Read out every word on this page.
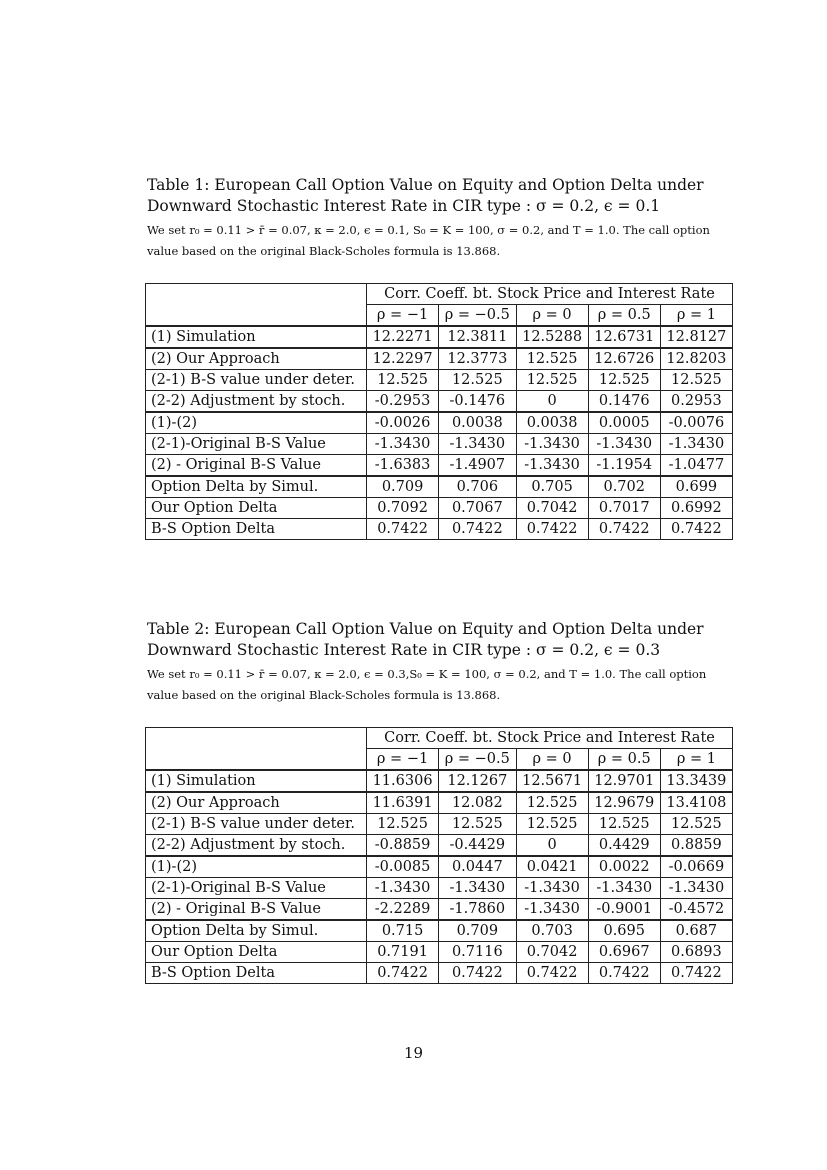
Table 1: European Call Option Value on Equity and Option Delta under Downward Stochastic Interest Rate in CIR type : σ = 0.2, ϵ = 0.1

We set r₀ = 0.11 > r̄ = 0.07, κ = 2.0, ϵ = 0.1, S₀ = K = 100, σ = 0.2, and T = 1.0. The call option value based on the original Black-Scholes formula is 13.868.

	Corr. Coeff. bt. Stock Price and Interest Rate				
	ρ = −1	ρ = −0.5	ρ = 0	ρ = 0.5	ρ = 1
(1) Simulation	12.2271	12.3811	12.5288	12.6731	12.8127
(2) Our Approach	12.2297	12.3773	12.525	12.6726	12.8203
(2-1) B-S value under deter.	12.525	12.525	12.525	12.525	12.525
(2-2) Adjustment by stoch.	-0.2953	-0.1476	0	0.1476	0.2953
(1)-(2)	-0.0026	0.0038	0.0038	0.0005	-0.0076
(2-1)-Original B-S Value	-1.3430	-1.3430	-1.3430	-1.3430	-1.3430
(2) - Original B-S Value	-1.6383	-1.4907	-1.3430	-1.1954	-1.0477
Option Delta by Simul.	0.709	0.706	0.705	0.702	0.699
Our Option Delta	0.7092	0.7067	0.7042	0.7017	0.6992
B-S Option Delta	0.7422	0.7422	0.7422	0.7422	0.7422

Table 2: European Call Option Value on Equity and Option Delta under Downward Stochastic Interest Rate in CIR type : σ = 0.2, ϵ = 0.3

We set r₀ = 0.11 > r̄ = 0.07, κ = 2.0, ϵ = 0.3,S₀ = K = 100, σ = 0.2, and T = 1.0. The call option value based on the original Black-Scholes formula is 13.868.

	Corr. Coeff. bt. Stock Price and Interest Rate				
	ρ = −1	ρ = −0.5	ρ = 0	ρ = 0.5	ρ = 1
(1) Simulation	11.6306	12.1267	12.5671	12.9701	13.3439
(2) Our Approach	11.6391	12.082	12.525	12.9679	13.4108
(2-1) B-S value under deter.	12.525	12.525	12.525	12.525	12.525
(2-2) Adjustment by stoch.	-0.8859	-0.4429	0	0.4429	0.8859
(1)-(2)	-0.0085	0.0447	0.0421	0.0022	-0.0669
(2-1)-Original B-S Value	-1.3430	-1.3430	-1.3430	-1.3430	-1.3430
(2) - Original B-S Value	-2.2289	-1.7860	-1.3430	-0.9001	-0.4572
Option Delta by Simul.	0.715	0.709	0.703	0.695	0.687
Our Option Delta	0.7191	0.7116	0.7042	0.6967	0.6893
B-S Option Delta	0.7422	0.7422	0.7422	0.7422	0.7422
19
